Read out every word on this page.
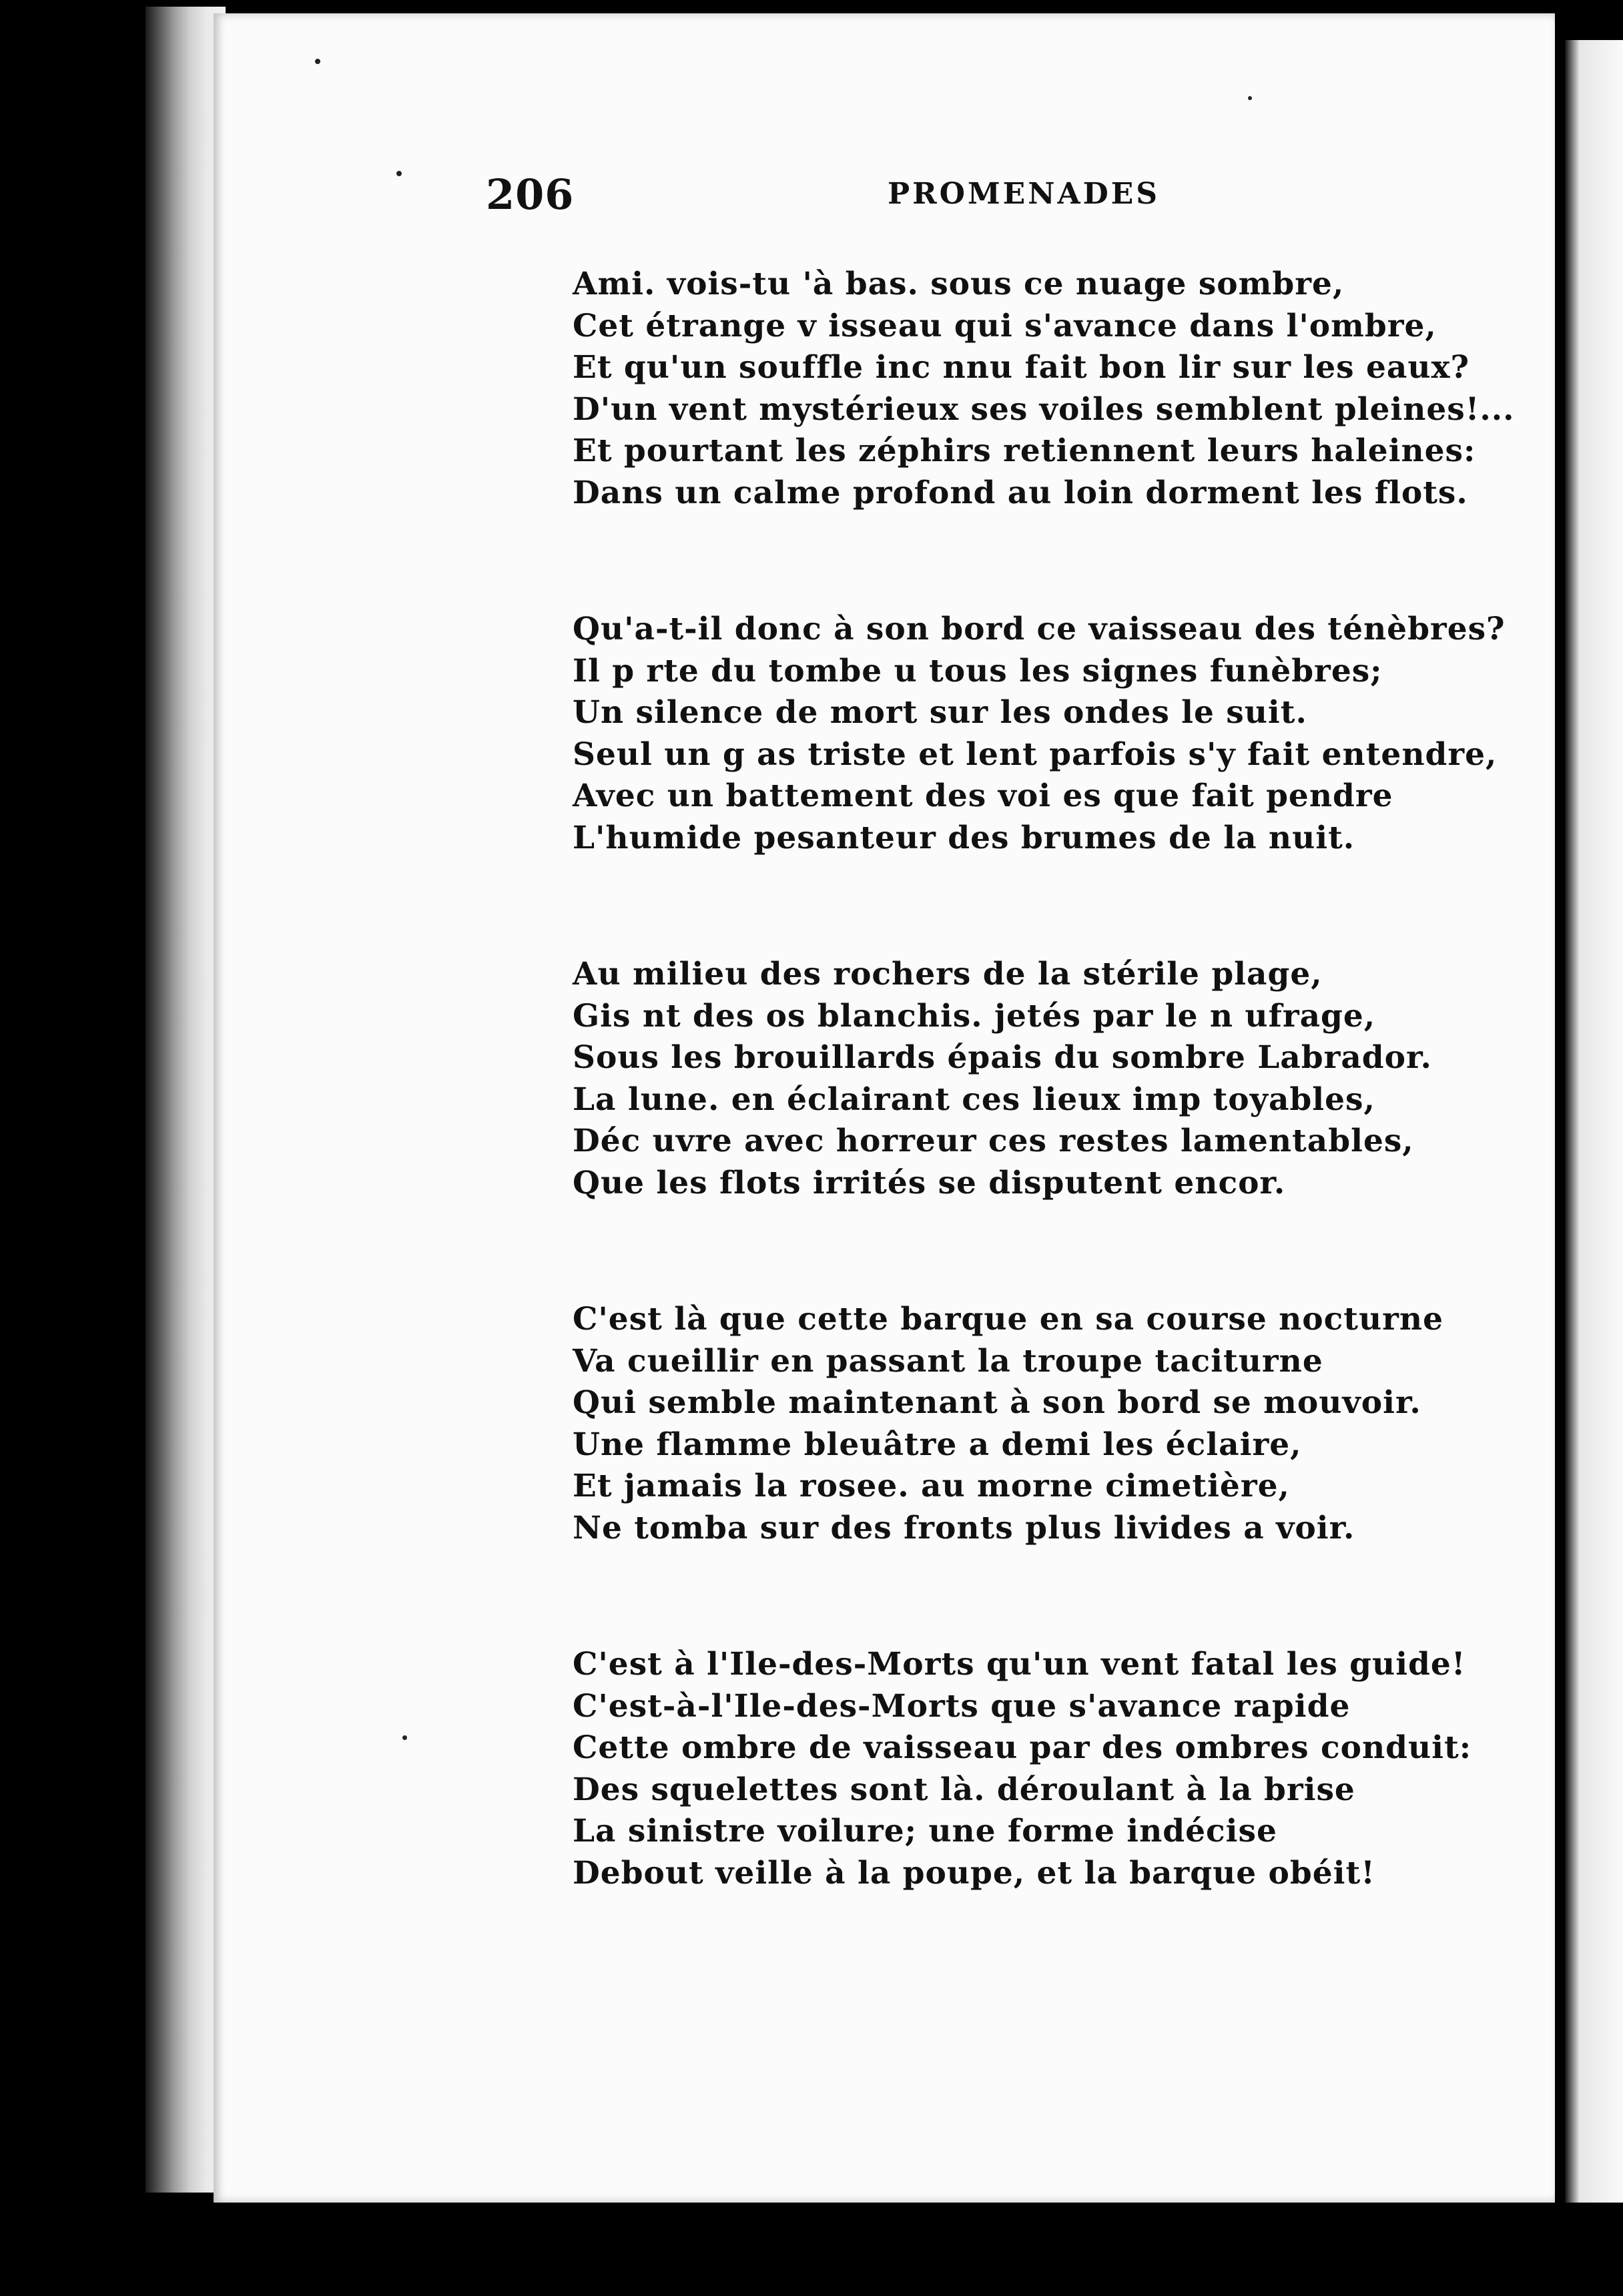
206	PROMENADES
Ami. vois-tu 'à bas. sous ce nuage sombre,
Cet étrange v isseau qui s'avance dans l'ombre,
Et qu'un souffle inc nnu fait bon lir sur les eaux?
D'un vent mystérieux ses voiles semblent pleines!...
Et pourtant les zéphirs retiennent leurs haleines:
Dans un calme profond au loin dorment les flots.
Qu'a-t-il donc à son bord ce vaisseau des ténèbres?
Il p rte du tombe u tous les signes funèbres;
Un silence de mort sur les ondes le suit.
Seul un g as triste et lent parfois s'y fait entendre,
Avec un battement des voi es que fait pendre
L'humide pesanteur des brumes de la nuit.
Au milieu des rochers de la stérile plage,
Gis nt des os blanchis. jetés par le n ufrage,
Sous les brouillards épais du sombre Labrador.
La lune. en éclairant ces lieux imp toyables,
Déc uvre avec horreur ces restes lamentables,
Que les flots irrités se disputent encor.
C'est là que cette barque en sa course nocturne
Va cueillir en passant la troupe taciturne
Qui semble maintenant à son bord se mouvoir.
Une flamme bleuâtre a demi les éclaire,
Et jamais la rosee. au morne cimetière,
Ne tomba sur des fronts plus livides a voir.
C'est à l'Ile-des-Morts qu'un vent fatal les guide!
C'est-à-l'Ile-des-Morts que s'avance rapide
Cette ombre de vaisseau par des ombres conduit:
Des squelettes sont là. déroulant à la brise
La sinistre voilure; une forme indécise
Debout veille à la poupe, et la barque obéit!
